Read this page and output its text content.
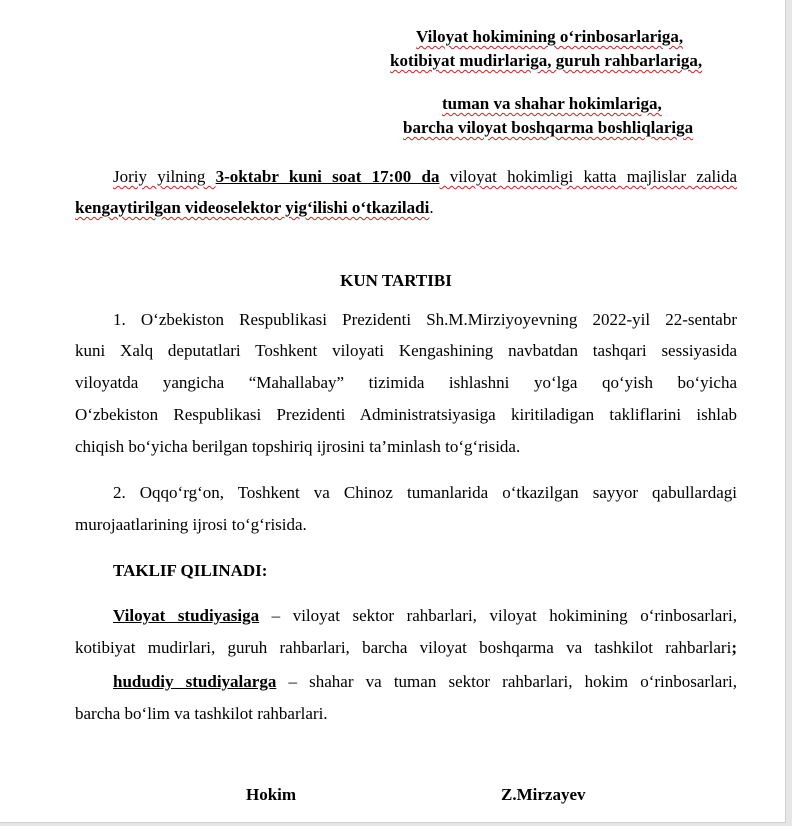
Viloyat hokimining o‘rinbosarlariga,
kotibiyat mudirlariga, guruh rahbarlariga,
tuman va shahar hokimlariga,
barcha viloyat boshqarma boshliqlariga
Joriy yilning 3-oktabr kuni soat 17:00 da viloyat hokimligi katta majlislar zalida
kengaytirilgan videoselektor yig‘ilishi o‘tkaziladi.
KUN TARTIBI
1. O‘zbekiston Respublikasi Prezidenti Sh.M.Mirziyoyevning 2022-yil 22-sentabr
kuni Xalq deputatlari Toshkent viloyati Kengashining navbatdan tashqari sessiyasida
viloyatda yangicha “Mahallabay” tizimida ishlashni yo‘lga qo‘yish bo‘yicha
O‘zbekiston Respublikasi Prezidenti Administratsiyasiga kiritiladigan takliflarini ishlab
chiqish bo‘yicha berilgan topshiriq ijrosini ta’minlash to‘g‘risida.
2. Oqqo‘rg‘on, Toshkent va Chinoz tumanlarida o‘tkazilgan sayyor qabullardagi
murojaatlarining ijrosi to‘g‘risida.
TAKLIF QILINADI:
Viloyat studiyasiga – viloyat sektor rahbarlari, viloyat hokimining o‘rinbosarlari,
kotibiyat mudirlari, guruh rahbarlari, barcha viloyat boshqarma va tashkilot rahbarlari;
hududiy studiyalarga – shahar va tuman sektor rahbarlari, hokim o‘rinbosarlari,
barcha bo‘lim va tashkilot rahbarlari.
Hokim	Z.Mirzayev
